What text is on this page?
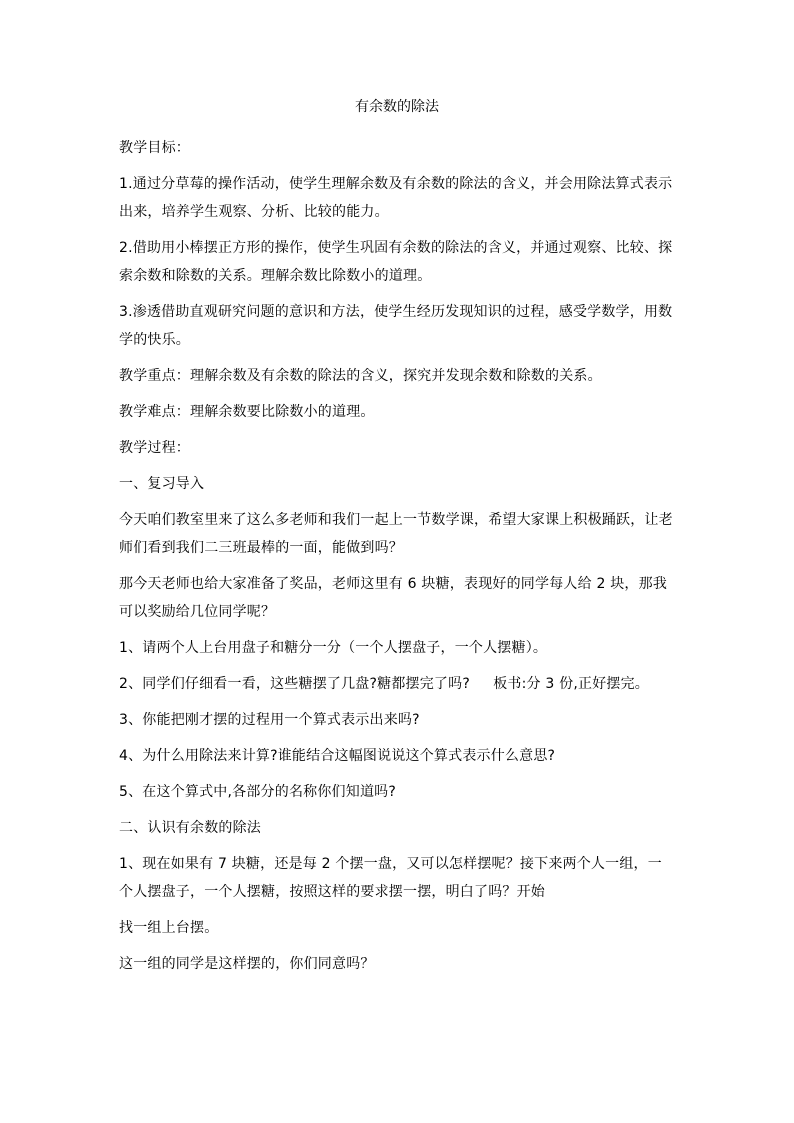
有余数的除法

教学目标：

1.通过分草莓的操作活动，使学生理解余数及有余数的除法的含义，并会用除法算式表示出来，培养学生观察、分析、比较的能力。

2.借助用小棒摆正方形的操作，使学生巩固有余数的除法的含义，并通过观察、比较、探索余数和除数的关系。理解余数比除数小的道理。

3.渗透借助直观研究问题的意识和方法，使学生经历发现知识的过程，感受学数学，用数学的快乐。

教学重点：理解余数及有余数的除法的含义，探究并发现余数和除数的关系。

教学难点：理解余数要比除数小的道理。

教学过程：

一、复习导入

今天咱们教室里来了这么多老师和我们一起上一节数学课，希望大家课上积极踊跃，让老师们看到我们二三班最棒的一面，能做到吗？

那今天老师也给大家准备了奖品，老师这里有 6 块糖，表现好的同学每人给 2 块，那我可以奖励给几位同学呢？

1、请两个人上台用盘子和糖分一分（一个人摆盘子，一个人摆糖）。

2、同学们仔细看一看，这些糖摆了几盘?糖都摆完了吗?     板书:分 3 份,正好摆完。

3、你能把刚才摆的过程用一个算式表示出来吗?

4、为什么用除法来计算?谁能结合这幅图说说这个算式表示什么意思?

5、在这个算式中,各部分的名称你们知道吗?

二、认识有余数的除法

1、现在如果有 7 块糖，还是每 2 个摆一盘，又可以怎样摆呢？接下来两个人一组，一个人摆盘子，一个人摆糖，按照这样的要求摆一摆，明白了吗？开始

找一组上台摆。

这一组的同学是这样摆的，你们同意吗？
